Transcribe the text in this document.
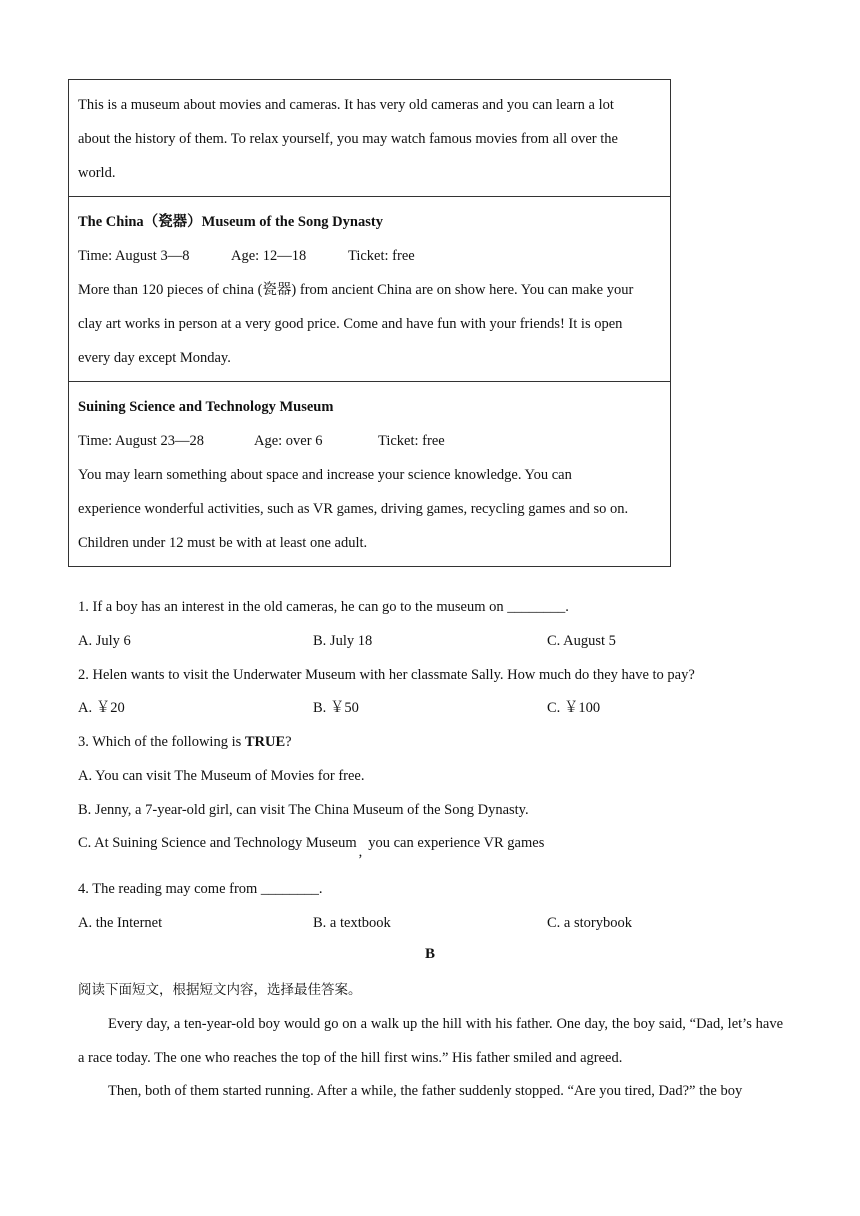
This is a museum about movies and cameras. It has very old cameras and you can learn a lot
about the history of them. To relax yourself, you may watch famous movies from all over the
world.

The China（瓷器）Museum of the Song Dynasty
Time: August 3—8	Age: 12—18	Ticket: free
More than 120 pieces of china (瓷器) from ancient China are on show here. You can make your
clay art works in person at a very good price. Come and have fun with your friends! It is open
every day except Monday.

Suining Science and Technology Museum
Time: August 23—28	Age: over 6	Ticket: free
You may learn something about space and increase your science knowledge. You can
experience wonderful activities, such as VR games, driving games, recycling games and so on.
Children under 12 must be with at least one adult.
1. If a boy has an interest in the old cameras, he can go to the museum on ________.
A. July 6	B. July 18	C. August 5
2. Helen wants to visit the Underwater Museum with her classmate Sally. How much do they have to pay?
A. ￥20	B. ￥50	C. ￥100
3. Which of the following is TRUE?
A. You can visit The Museum of Movies for free.
B. Jenny, a 7-year-old girl, can visit The China Museum of the Song Dynasty.
C. At Suining Science and Technology Museum,you can experience VR games
4. The reading may come from ________.
A. the Internet	B. a textbook	C. a storybook
B
阅读下面短文，根据短文内容，选择最佳答案。
Every day, a ten-year-old boy would go on a walk up the hill with his father. One day, the boy said, “Dad, let’s have a race today. The one who reaches the top of the hill first wins.” His father smiled and agreed.
Then, both of them started running. After a while, the father suddenly stopped. “Are you tired, Dad?” the boy
